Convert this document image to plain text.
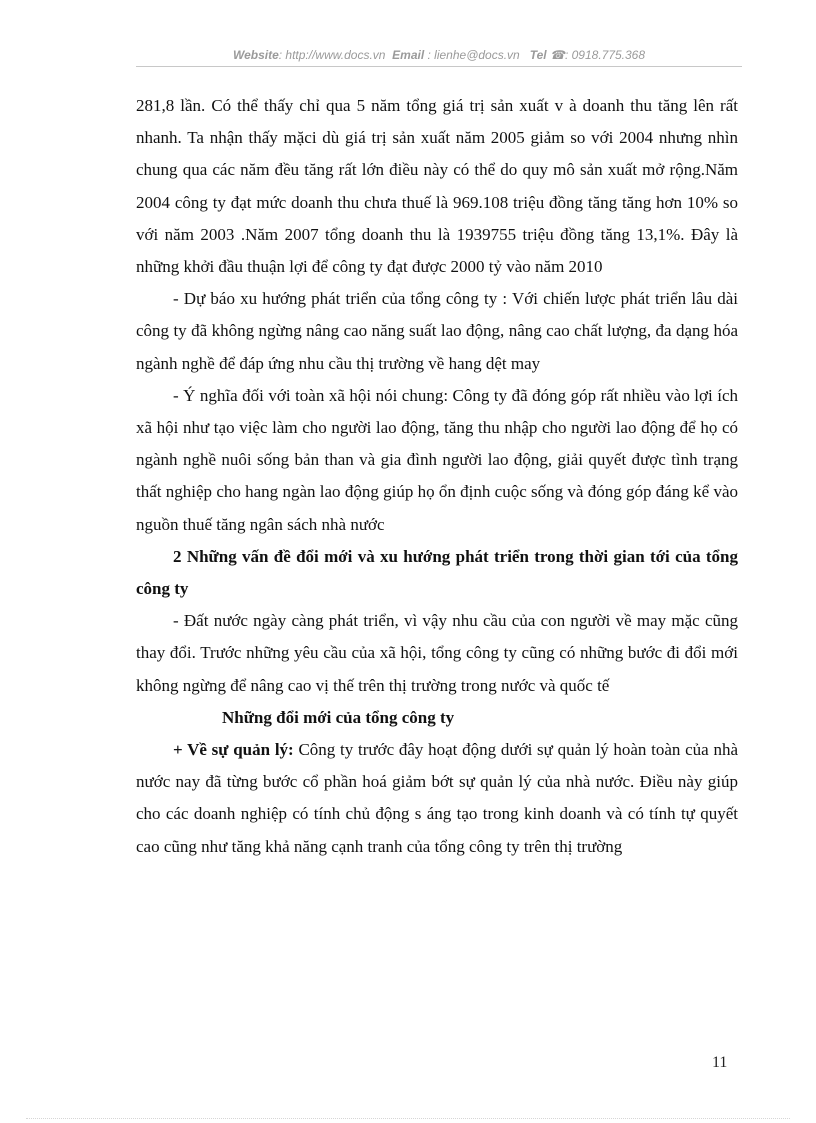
Website: http://www.docs.vn Email : lienhe@docs.vn Tel ☎: 0918.775.368

281,8 lần. Có thể thấy chỉ qua 5 năm tổng giá trị sản xuất v à doanh thu tăng lên rất nhanh. Ta nhận thấy mặci dù giá trị sản xuất năm 2005 giảm so với 2004 nhưng nhìn chung qua các năm đều tăng rất lớn điều này có thể do quy mô sản xuất mở rộng.Năm 2004 công ty đạt mức doanh thu chưa thuế là 969.108 triệu đồng tăng tăng hơn 10% so với năm 2003 .Năm 2007 tổng doanh thu là 1939755 triệu đồng tăng 13,1%. Đây là những khởi đầu thuận lợi để công ty đạt được 2000 tỷ vào năm 2010

- Dự báo xu hướng phát triển của tổng công ty : Với chiến lược phát triển lâu dài công ty đã không ngừng nâng cao năng suất lao động, nâng cao chất lượng, đa dạng hóa ngành nghề để đáp ứng nhu cầu thị trường về hang dệt may

- Ý nghĩa đối với toàn xã hội nói chung: Công ty đã đóng góp rất nhiều vào lợi ích xã hội như tạo việc làm cho người lao động, tăng thu nhập cho người lao động để họ có ngành nghề nuôi sống bản than và gia đình người lao động, giải quyết được tình trạng thất nghiệp cho hang ngàn lao động giúp họ ổn định cuộc sống và đóng góp đáng kể vào nguồn thuế tăng ngân sách nhà nước

2 Những vấn đề đổi mới và xu hướng phát triển trong thời gian tới của tổng công ty

- Đất nước ngày càng phát triển, vì vậy nhu cầu của con người về may mặc cũng thay đổi. Trước những yêu cầu của xã hội, tổng công ty cũng có những bước đi đổi mới không ngừng để nâng cao vị thế trên thị trường trong nước và quốc tế

Những đổi mới của tổng công ty

+ Về sự quản lý: Công ty trước đây hoạt động dưới sự quản lý hoàn toàn của nhà nước nay đã từng bước cổ phần hoá giảm bớt sự quản lý của nhà nước. Điều này giúp cho các doanh nghiệp có tính chủ động s áng tạo trong kinh doanh và có tính tự quyết cao cũng như tăng khả năng cạnh tranh của tổng công ty trên thị trường

11
